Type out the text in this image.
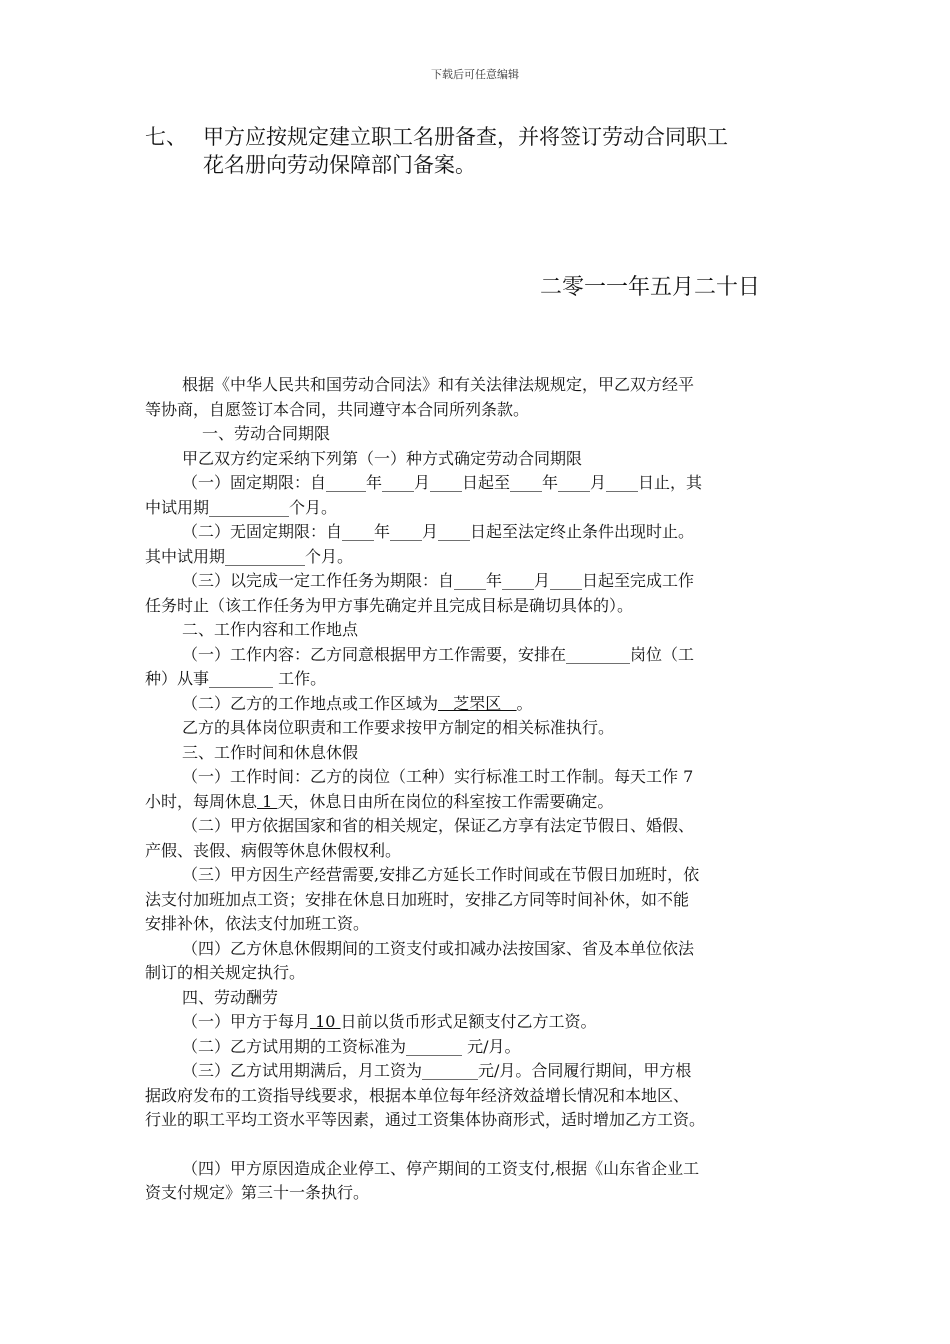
下载后可任意编辑
七、 甲方应按规定建立职工名册备查，并将签订劳动合同职工
花名册向劳动保障部门备案。
二零一一年五月二十日

根据《中华人民共和国劳动合同法》和有关法律法规规定，甲乙双方经平

等协商，自愿签订本合同，共同遵守本合同所列条款。

一、劳动合同期限

甲乙双方约定采纳下列第（一）种方式确定劳动合同期限

（一）固定期限：自_____年____月____日起至____年____月____日止，其

中试用期__________个月。

（二）无固定期限：自____年____月____日起至法定终止条件出现时止。

其中试用期__________个月。

（三）以完成一定工作任务为期限：自____年____月____日起至完成工作

任务时止（该工作任务为甲方事先确定并且完成目标是确切具体的）。

二、工作内容和工作地点

（一）工作内容：乙方同意根据甲方工作需要，安排在________岗位（工

种）从事________ 工作。

（二）乙方的工作地点或工作区域为   芝罘区   。

乙方的具体岗位职责和工作要求按甲方制定的相关标准执行。

三、工作时间和休息休假

（一）工作时间：乙方的岗位（工种）实行标准工时工作制。每天工作 7

小时，每周休息 1 天，休息日由所在岗位的科室按工作需要确定。

（二）甲方依据国家和省的相关规定，保证乙方享有法定节假日、婚假、

产假、丧假、病假等休息休假权利。

（三）甲方因生产经营需要,安排乙方延长工作时间或在节假日加班时，依

法支付加班加点工资；安排在休息日加班时，安排乙方同等时间补休，如不能

安排补休，依法支付加班工资。

（四）乙方休息休假期间的工资支付或扣减办法按国家、省及本单位依法

制订的相关规定执行。

四、劳动酬劳

（一）甲方于每月 10 日前以货币形式足额支付乙方工资。

（二）乙方试用期的工资标准为_______ 元/月。

（三）乙方试用期满后，月工资为_______元/月。合同履行期间，甲方根

据政府发布的工资指导线要求，根据本单位每年经济效益增长情况和本地区、

行业的职工平均工资水平等因素，通过工资集体协商形式，适时增加乙方工资。

（四）甲方原因造成企业停工、停产期间的工资支付,根据《山东省企业工

资支付规定》第三十一条执行。
